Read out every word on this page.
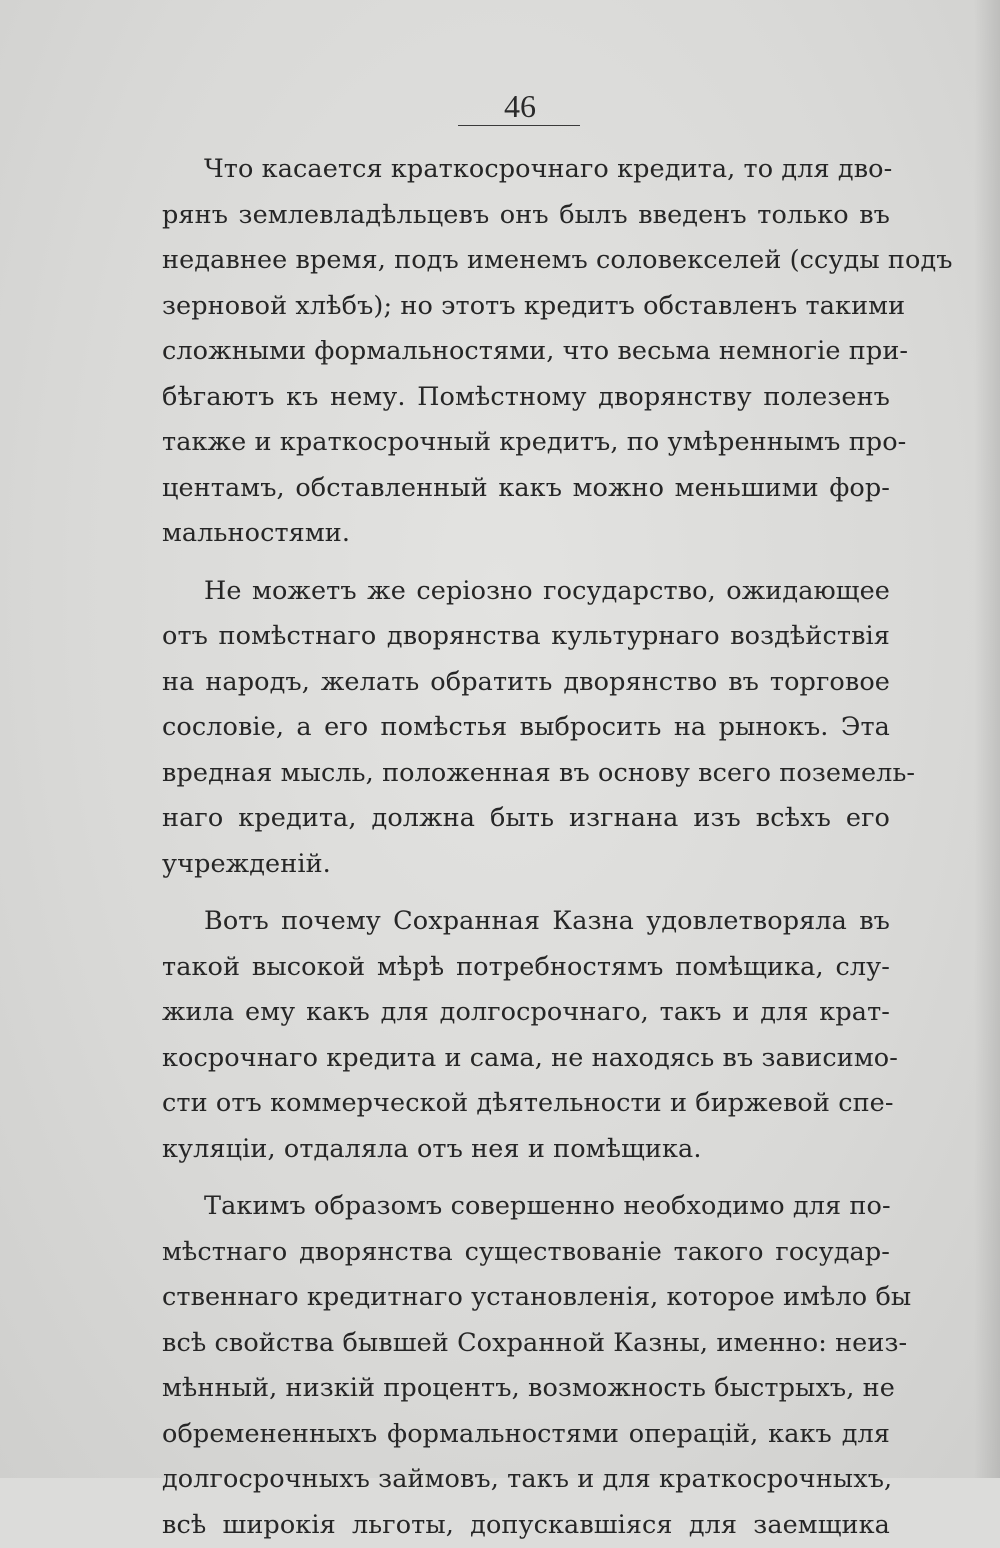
46
Что касается краткосрочнаго кредита, то для дво-
рянъ землевладѣльцевъ онъ былъ введенъ только въ
недавнее время, подъ именемъ соловекселей (ссуды подъ
зерновой хлѣбъ); но этотъ кредитъ обставленъ такими
сложными формальностями, что весьма немногіе при-
бѣгаютъ къ нему. Помѣстному дворянству полезенъ
также и краткосрочный кредитъ, по умѣреннымъ про-
центамъ, обставленный какъ можно меньшими фор-
мальностями.
Не можетъ же серіозно государство, ожидающее
отъ помѣстнаго дворянства культурнаго воздѣйствія
на народъ, желать обратить дворянство въ торговое
сословіе, а его помѣстья выбросить на рынокъ. Эта
вредная мысль, положенная въ основу всего поземель-
наго кредита, должна быть изгнана изъ всѣхъ его
учрежденій.
Вотъ почему Сохранная Казна удовлетворяла въ
такой высокой мѣрѣ потребностямъ помѣщика, слу-
жила ему какъ для долгосрочнаго, такъ и для крат-
косрочнаго кредита и сама, не находясь въ зависимо-
сти отъ коммерческой дѣятельности и биржевой спе-
куляціи, отдаляла отъ нея и помѣщика.
Такимъ образомъ совершенно необходимо для по-
мѣстнаго дворянства существованіе такого государ-
ственнаго кредитнаго установленія, которое имѣло бы
всѣ свойства бывшей Сохранной Казны, именно: неиз-
мѣнный, низкій процентъ, возможность быстрыхъ, не
обремененныхъ формальностями операцій, какъ для
долгосрочныхъ займовъ, такъ и для краткосрочныхъ,
всѣ широкія льготы, допускавшіяся для заемщика
